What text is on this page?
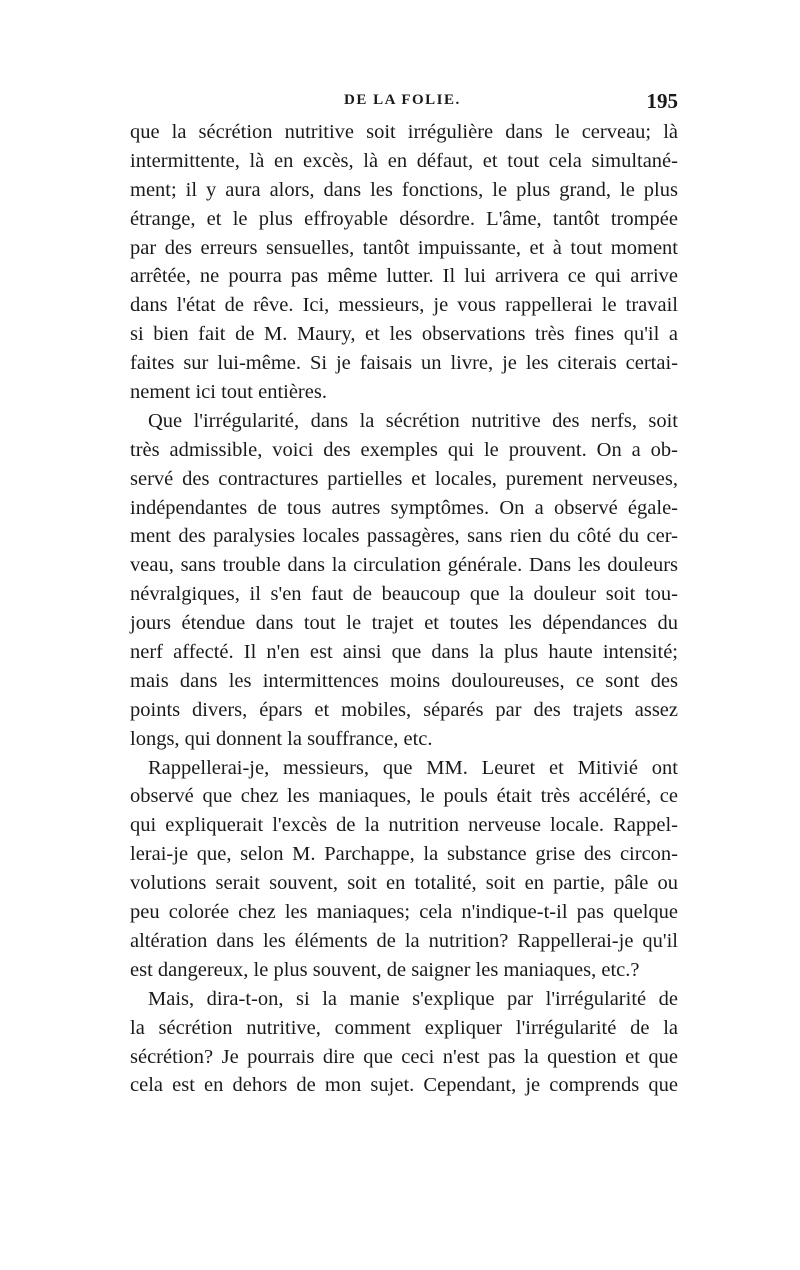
DE LA FOLIE.	195
que la sécrétion nutritive soit irrégulière dans le cerveau; là
intermittente, là en excès, là en défaut, et tout cela simultané-
ment; il y aura alors, dans les fonctions, le plus grand, le plus
étrange, et le plus effroyable désordre. L'âme, tantôt trompée
par des erreurs sensuelles, tantôt impuissante, et à tout moment
arrêtée, ne pourra pas même lutter. Il lui arrivera ce qui arrive
dans l'état de rêve. Ici, messieurs, je vous rappellerai le travail
si bien fait de M. Maury, et les observations très fines qu'il a
faites sur lui-même. Si je faisais un livre, je les citerais certai-
nement ici tout entières.
Que l'irrégularité, dans la sécrétion nutritive des nerfs, soit
très admissible, voici des exemples qui le prouvent. On a ob-
servé des contractures partielles et locales, purement nerveuses,
indépendantes de tous autres symptômes. On a observé égale-
ment des paralysies locales passagères, sans rien du côté du cer-
veau, sans trouble dans la circulation générale. Dans les douleurs
névralgiques, il s'en faut de beaucoup que la douleur soit tou-
jours étendue dans tout le trajet et toutes les dépendances du
nerf affecté. Il n'en est ainsi que dans la plus haute intensité;
mais dans les intermittences moins douloureuses, ce sont des
points divers, épars et mobiles, séparés par des trajets assez
longs, qui donnent la souffrance, etc.
Rappellerai-je, messieurs, que MM. Leuret et Mitivié ont
observé que chez les maniaques, le pouls était très accéléré, ce
qui expliquerait l'excès de la nutrition nerveuse locale. Rappel-
lerai-je que, selon M. Parchappe, la substance grise des circon-
volutions serait souvent, soit en totalité, soit en partie, pâle ou
peu colorée chez les maniaques; cela n'indique-t-il pas quelque
altération dans les éléments de la nutrition? Rappellerai-je qu'il
est dangereux, le plus souvent, de saigner les maniaques, etc.?
Mais, dira-t-on, si la manie s'explique par l'irrégularité de
la sécrétion nutritive, comment expliquer l'irrégularité de la
sécrétion? Je pourrais dire que ceci n'est pas la question et que
cela est en dehors de mon sujet. Cependant, je comprends que
